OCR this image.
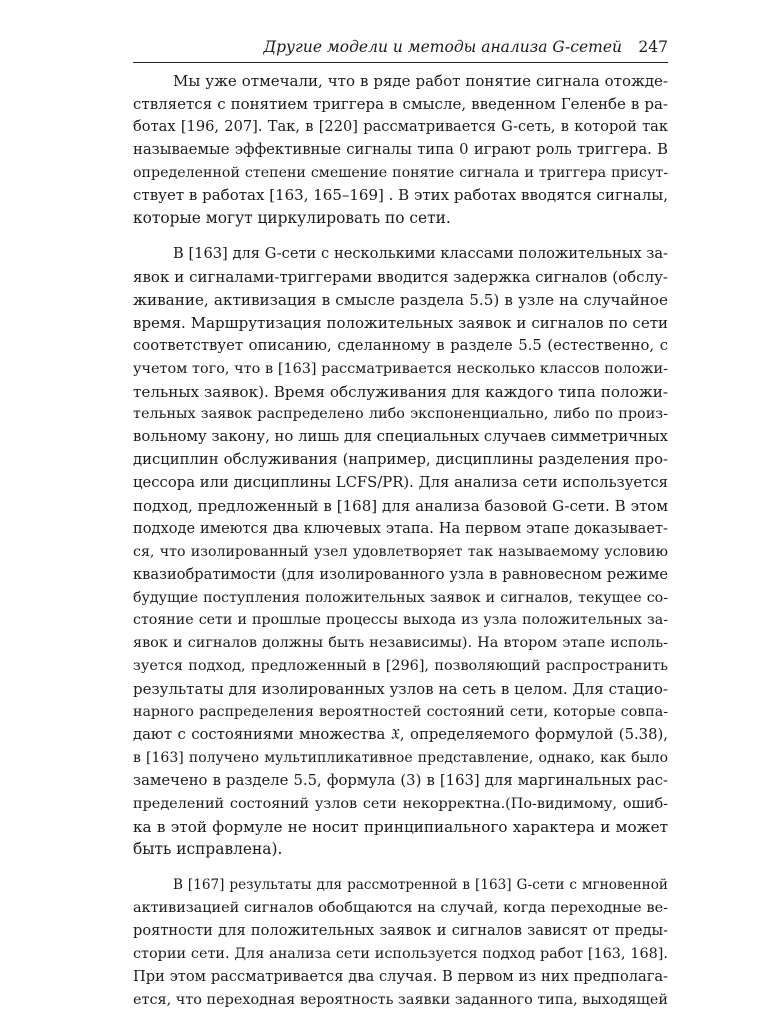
Другие модели и методы анализа G-сетей 247

Мы уже отмечали, что в ряде работ понятие сигнала отожде-
ствляется с понятием триггера в смысле, введенном Геленбе в ра-
ботах [196, 207]. Так, в [220] рассматривается G-сеть, в которой так
называемые эффективные сигналы типа 0 играют роль триггера. В
определенной степени смешение понятие сигнала и триггера присут-
ствует в работах [163, 165–169] . В этих работах вводятся сигналы,
которые могут циркулировать по сети.

В [163] для G-сети с несколькими классами положительных за-
явок и сигналами-триггерами вводится задержка сигналов (обслу-
живание, активизация в смысле раздела 5.5) в узле на случайное
время. Маршрутизация положительных заявок и сигналов по сети
соответствует описанию, сделанному в разделе 5.5 (естественно, с
учетом того, что в [163] рассматривается несколько классов положи-
тельных заявок). Время обслуживания для каждого типа положи-
тельных заявок распределено либо экспоненциально, либо по произ-
вольному закону, но лишь для специальных случаев симметричных
дисциплин обслуживания (например, дисциплины разделения про-
цессора или дисциплины LCFS/PR). Для анализа сети используется
подход, предложенный в [168] для анализа базовой G-сети. В этом
подходе имеются два ключевых этапа. На первом этапе доказывает-
ся, что изолированный узел удовлетворяет так называемому условию
квазиобратимости (для изолированного узла в равновесном режиме
будущие поступления положительных заявок и сигналов, текущее со-
стояние сети и прошлые процессы выхода из узла положительных за-
явок и сигналов должны быть независимы). На втором этапе исполь-
зуется подход, предложенный в [296], позволяющий распространить
результаты для изолированных узлов на сеть в целом. Для стацио-
нарного распределения вероятностей состояний сети, которые совпа-
дают с состояниями множества 𝔛, определяемого формулой (5.38),
в [163] получено мультипликативное представление, однако, как было
замечено в разделе 5.5, формула (3) в [163] для маргинальных рас-
пределений состояний узлов сети некорректна.(По-видимому, ошиб-
ка в этой формуле не носит принципиального характера и может
быть исправлена).

В [167] результаты для рассмотренной в [163] G-сети с мгновенной
активизацией сигналов обобщаются на случай, когда переходные ве-
роятности для положительных заявок и сигналов зависят от преды-
стории сети. Для анализа сети используется подход работ [163, 168].
При этом рассматривается два случая. В первом из них предполага-
ется, что переходная вероятность заявки заданного типа, выходящей
